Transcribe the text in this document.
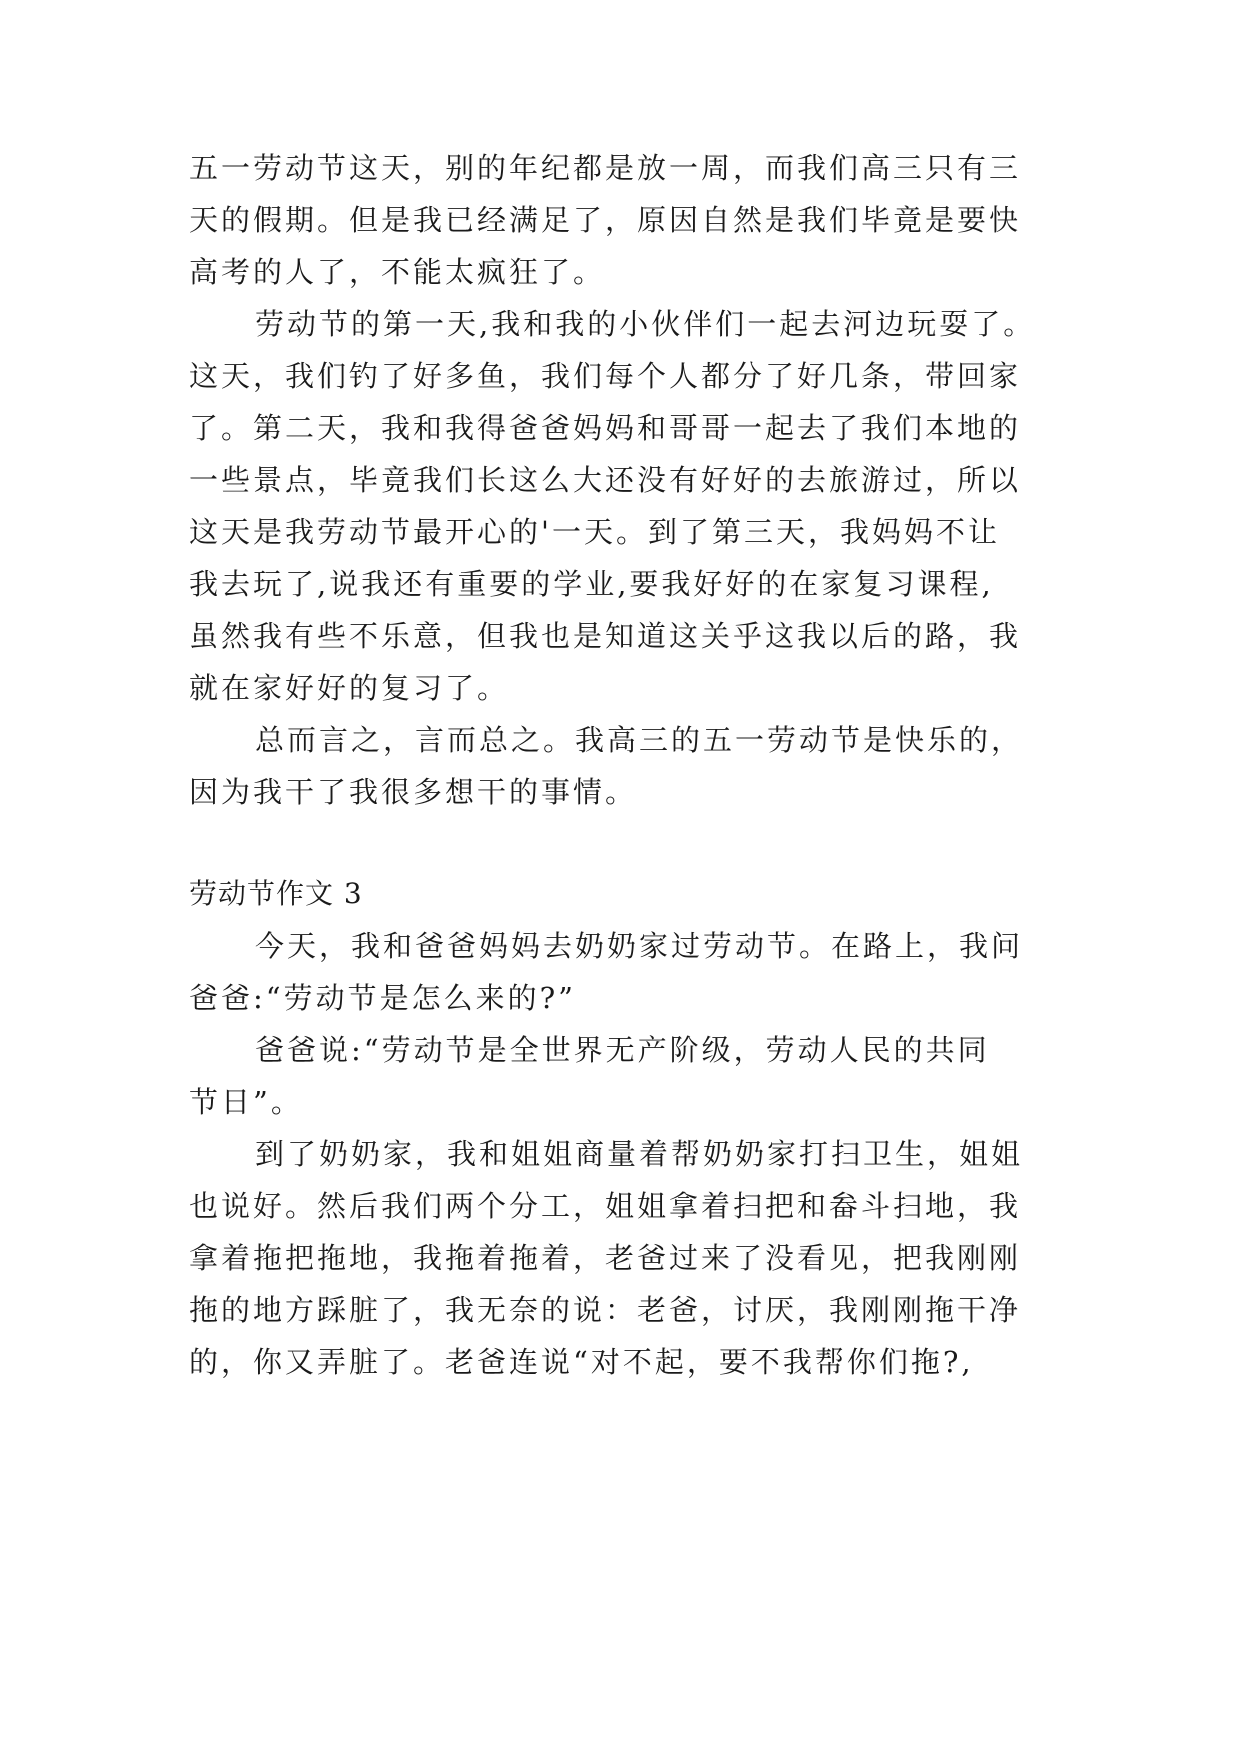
五一劳动节这天，别的年纪都是放一周，而我们高三只有三
天的假期。但是我已经满足了，原因自然是我们毕竟是要快
高考的人了，不能太疯狂了。
劳动节的第一天,我和我的小伙伴们一起去河边玩耍了。
这天，我们钓了好多鱼，我们每个人都分了好几条，带回家
了。第二天，我和我得爸爸妈妈和哥哥一起去了我们本地的
一些景点，毕竟我们长这么大还没有好好的去旅游过，所以
这天是我劳动节最开心的'一天。到了第三天，我妈妈不让
我去玩了,说我还有重要的学业,要我好好的在家复习课程,
虽然我有些不乐意，但我也是知道这关乎这我以后的路，我
就在家好好的复习了。
总而言之，言而总之。我高三的五一劳动节是快乐的，
因为我干了我很多想干的事情。
劳动节作文 3
今天，我和爸爸妈妈去奶奶家过劳动节。在路上，我问
爸爸:“劳动节是怎么来的?”
爸爸说:“劳动节是全世界无产阶级，劳动人民的共同
节日”。
到了奶奶家，我和姐姐商量着帮奶奶家打扫卫生，姐姐
也说好。然后我们两个分工，姐姐拿着扫把和畚斗扫地，我
拿着拖把拖地，我拖着拖着，老爸过来了没看见，把我刚刚
拖的地方踩脏了，我无奈的说：老爸，讨厌，我刚刚拖干净
的，你又弄脏了。老爸连说“对不起，要不我帮你们拖?,
